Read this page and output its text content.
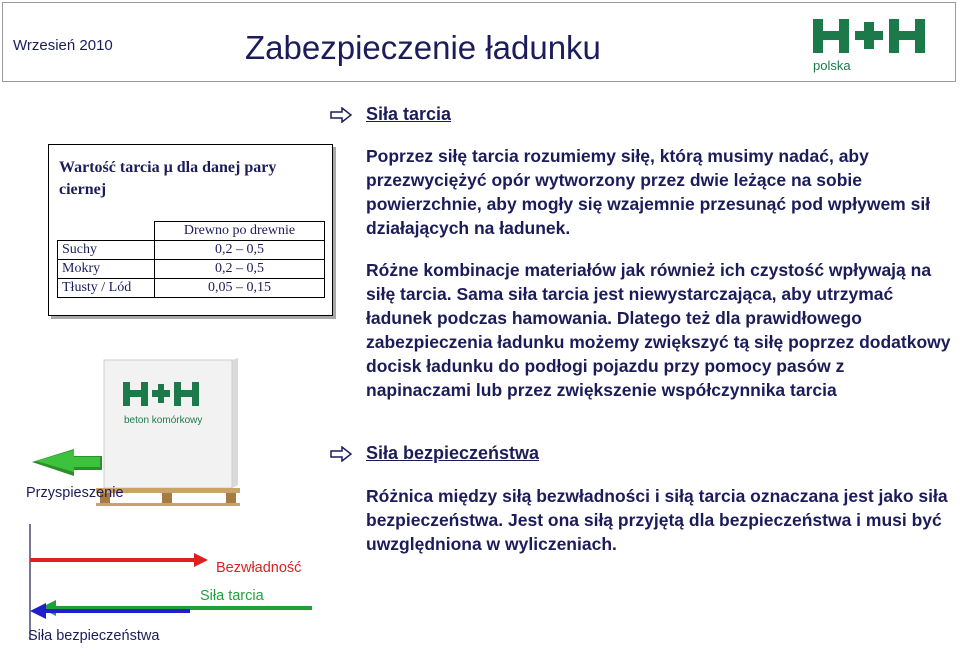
Wrzesień 2010	Zabezpieczenie ładunku	polska
Siła tarcia

Poprzez siłę tarcia rozumiemy siłę, którą musimy nadać, aby przezwyciężyć opór wytworzony przez dwie leżące na sobie powierzchnie, aby mogły się wzajemnie przesunąć pod wpływem sił działających na ładunek.

Różne kombinacje materiałów jak również ich czystość wpływają na siłę tarcia. Sama siła tarcia jest niewystarczająca, aby utrzymać ładunek podczas hamowania. Dlatego też dla prawidłowego zabezpieczenia ładunku możemy zwiększyć tą siłę poprzez dodatkowy docisk ładunku do podłogi pojazdu przy pomocy pasów z napinaczami lub przez zwiększenie współczynnika tarcia

Siła bezpieczeństwa

Różnica między siłą bezwładności i siłą tarcia oznaczana jest jako siła bezpieczeństwa. Jest ona siłą przyjętą dla bezpieczeństwa i musi być uwzględniona w wyliczeniach.

Wartość tarcia µ dla danej pary ciernej
	Drewno po drewnie
Suchy	0,2 – 0,5
Mokry	0,2 – 0,5
Tłusty / Lód	0,05 – 0,15
beton komórkowy
Przyspieszenie
Bezwładność
Siła tarcia
Siła bezpieczeństwa
